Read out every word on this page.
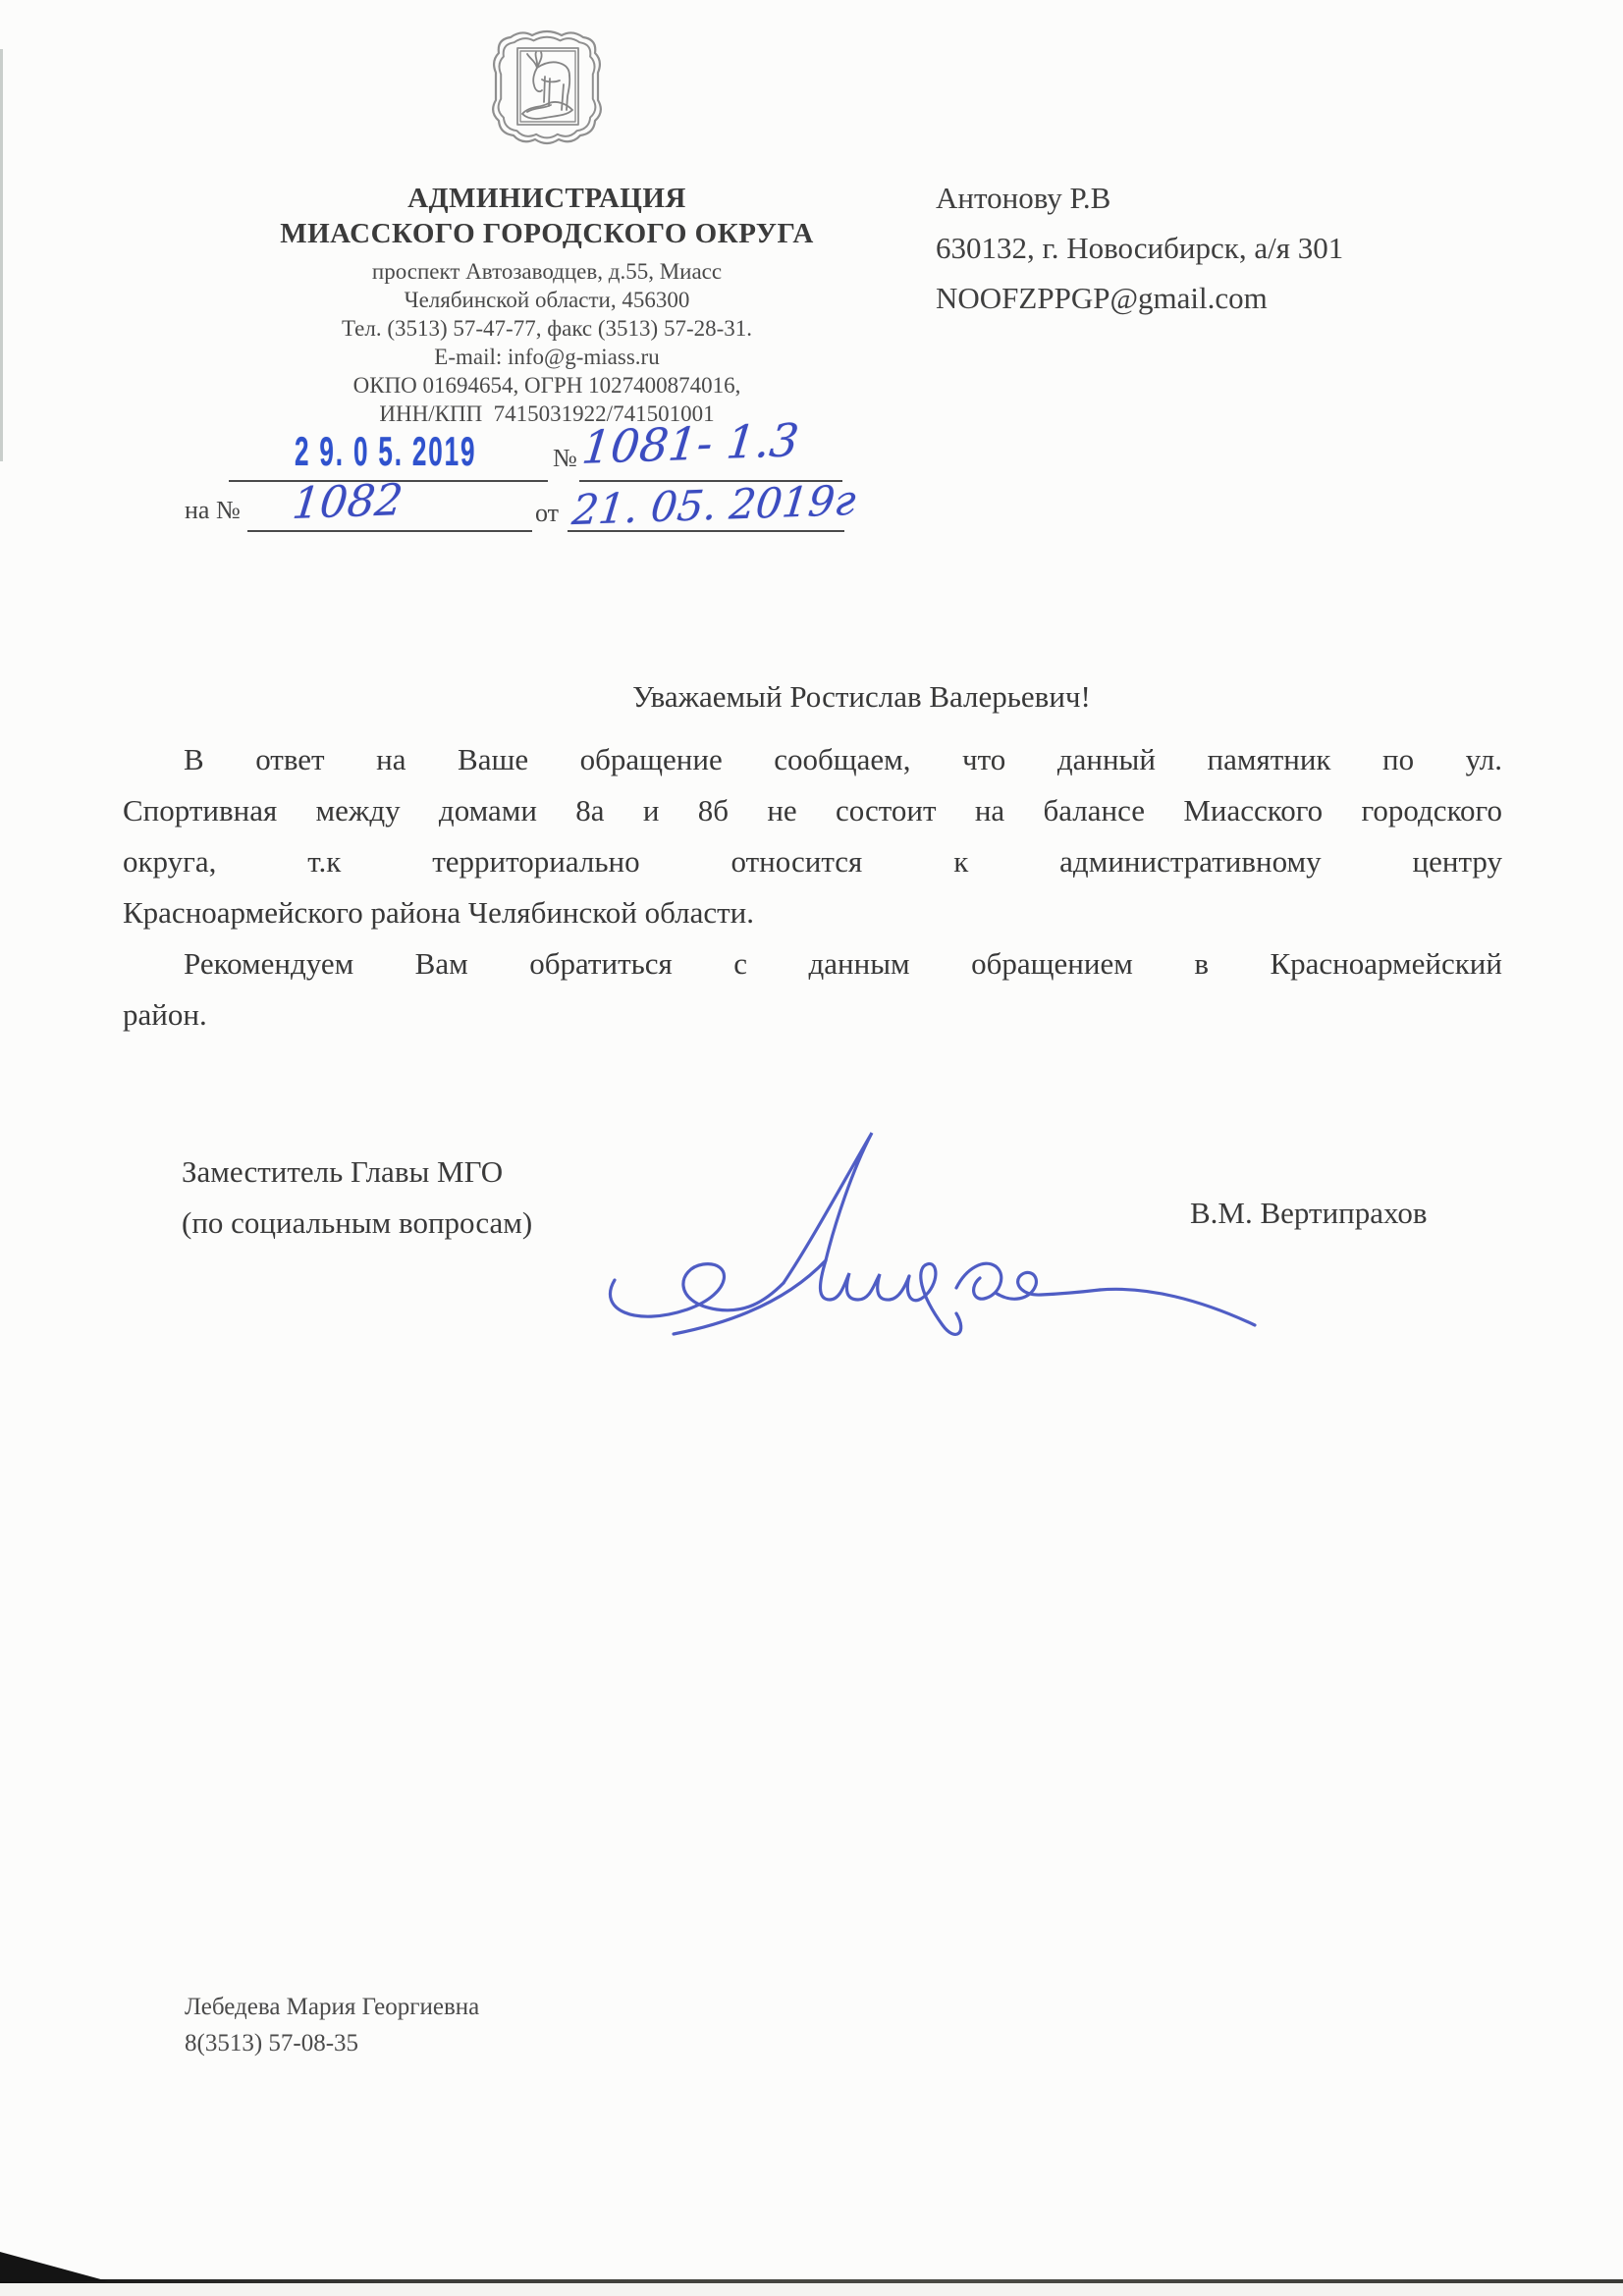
АДМИНИСТРАЦИЯ
МИАССКОГО ГОРОДСКОГО ОКРУГА
проспект Автозаводцев, д.55, Миасс
Челябинской области, 456300
Тел. (3513) 57-47-77, факс (3513) 57-28-31.
E-mail: info@g-miass.ru
ОКПО 01694654, ОГРН 1027400874016,
ИНН/КПП  7415031922/741501001
Антонову Р.В
630132, г. Новосибирск, а/я 301
NOOFZPPGP@gmail.com
2 9. 0 5. 2019	№ 1081- 1.3
на № 1082	от 21. 05. 2019г
Уважаемый Ростислав Валерьевич!
В ответ на Ваше обращение сообщаем, что данный памятник по ул.
Спортивная между домами 8а и 8б не состоит на балансе Миасского городского
округа, т.к территориально относится к административному центру
Красноармейского района Челябинской области.
Рекомендуем Вам обратиться с данным обращением в Красноармейский
район.
Заместитель Главы МГО
(по социальным вопросам)	В.М. Вертипрахов
Лебедева Мария Георгиевна
8(3513) 57-08-35
